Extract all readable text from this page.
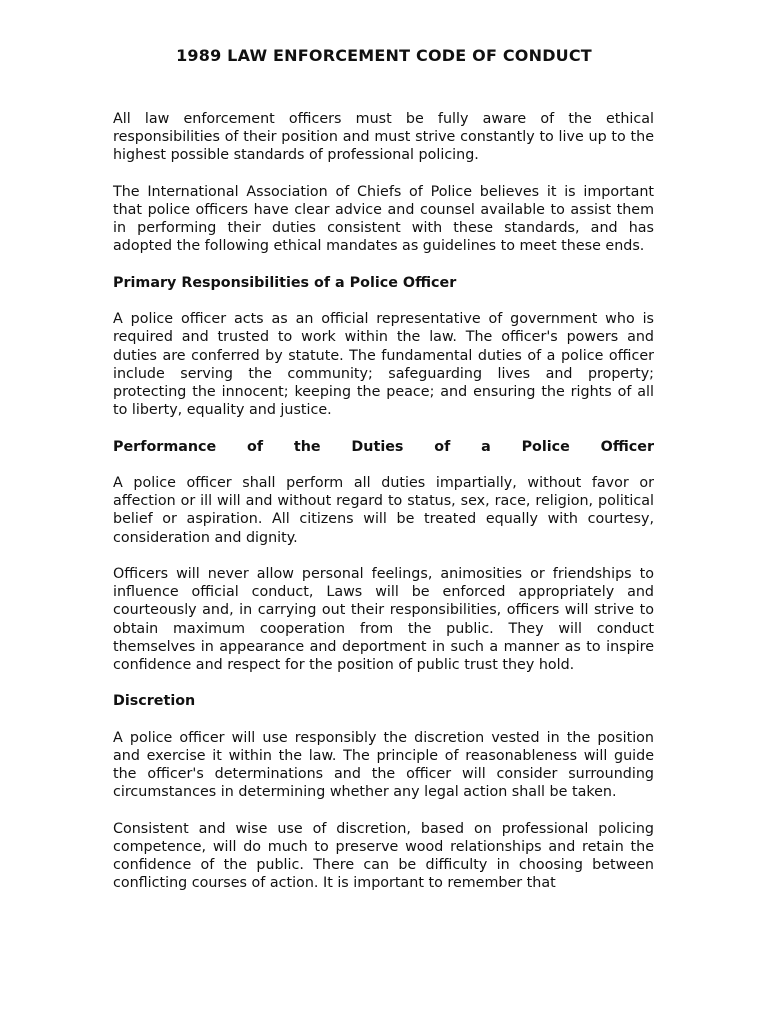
1989 LAW ENFORCEMENT CODE OF CONDUCT

All law enforcement officers must be fully aware of the ethical responsibilities of their position and must strive constantly to live up to the highest possible standards of professional policing.

The International Association of Chiefs of Police believes it is important that police officers have clear advice and counsel available to assist them in performing their duties consistent with these standards, and has adopted the following ethical mandates as guidelines to meet these ends.

Primary Responsibilities of a Police Officer

A police officer acts as an official representative of government who is required and trusted to work within the law. The officer's powers and duties are conferred by statute. The fundamental duties of a police officer include serving the community; safeguarding lives and property; protecting the innocent; keeping the peace; and ensuring the rights of all to liberty, equality and justice.

Performance of the Duties of a Police Officer

A police officer shall perform all duties impartially, without favor or affection or ill will and without regard to status, sex, race, religion, political belief or aspiration. All citizens will be treated equally with courtesy, consideration and dignity.

Officers will never allow personal feelings, animosities or friendships to influence official conduct, Laws will be enforced appropriately and courteously and, in carrying out their responsibilities, officers will strive to obtain maximum cooperation from the public. They will conduct themselves in appearance and deportment in such a manner as to inspire confidence and respect for the position of public trust they hold.

Discretion

A police officer will use responsibly the discretion vested in the position and exercise it within the law. The principle of reasonableness will guide the officer's determinations and the officer will consider surrounding circumstances in determining whether any legal action shall be taken.

Consistent and wise use of discretion, based on professional policing competence, will do much to preserve wood relationships and retain the confidence of the public. There can be difficulty in choosing between conflicting courses of action. It is important to remember that
